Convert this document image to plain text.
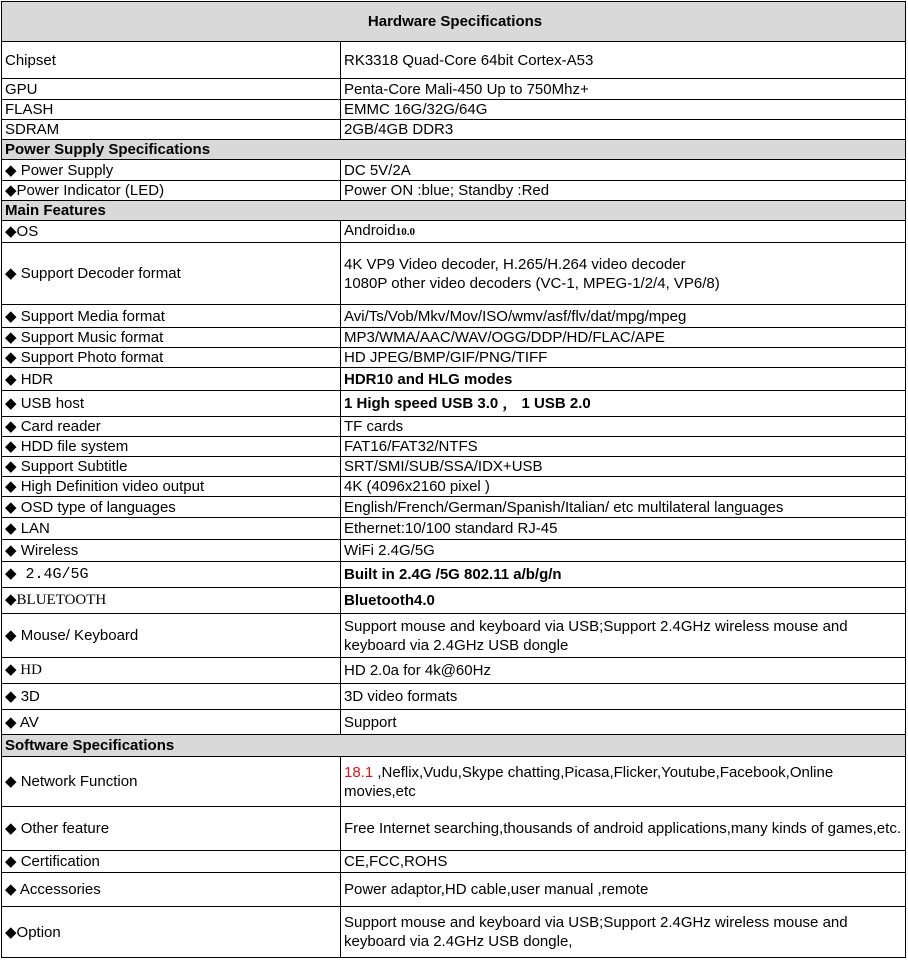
Hardware Specifications	
Chipset	RK3318 Quad-Core 64bit Cortex-A53
GPU	Penta-Core Mali-450 Up to 750Mhz+
FLASH	EMMC 16G/32G/64G
SDRAM	2GB/4GB DDR3
Power Supply Specifications	
◆ Power Supply	DC 5V/2A
◆Power Indicator (LED)	Power ON :blue; Standby :Red
Main Features	
◆OS	Android10.0
◆ Support Decoder format	4K VP9 Video decoder, H.265/H.264 video decoder
1080P other video decoders (VC-1, MPEG-1/2/4, VP6/8)

◆ Support Media format	Avi/Ts/Vob/Mkv/Mov/ISO/wmv/asf/flv/dat/mpg/mpeg
◆ Support Music format	MP3/WMA/AAC/WAV/OGG/DDP/HD/FLAC/APE
◆ Support Photo format	HD JPEG/BMP/GIF/PNG/TIFF
◆ HDR	HDR10 and HLG modes
◆ USB host	1 High speed USB 3.0 ， 1 USB 2.0
◆ Card reader	TF cards
◆ HDD file system	FAT16/FAT32/NTFS
◆ Support Subtitle	SRT/SMI/SUB/SSA/IDX+USB
◆ High Definition video output	4K (4096x2160 pixel )
◆ OSD type of languages	English/French/German/Spanish/Italian/ etc multilateral languages
◆ LAN	Ethernet:10/100 standard RJ-45
◆ Wireless	WiFi 2.4G/5G
◆ 2.4G/5G	Built in 2.4G /5G 802.11 a/b/g/n
◆BLUETOOTH	Bluetooth4.0
◆ Mouse/ Keyboard	Support mouse and keyboard via USB;Support 2.4GHz wireless mouse and keyboard via 2.4GHz USB dongle
◆ HD	HD 2.0a for 4k@60Hz
◆ 3D	3D video formats
◆ AV	Support
Software Specifications	
◆ Network Function	18.1 ,Neflix,Vudu,Skype chatting,Picasa,Flicker,Youtube,Facebook,Online movies,etc
◆ Other feature	Free Internet searching,thousands of android applications,many kinds of games,etc.
◆ Certification	CE,FCC,ROHS
◆ Accessories	Power adaptor,HD cable,user manual ,remote
◆Option	Support mouse and keyboard via USB;Support 2.4GHz wireless mouse and keyboard via 2.4GHz USB dongle,
